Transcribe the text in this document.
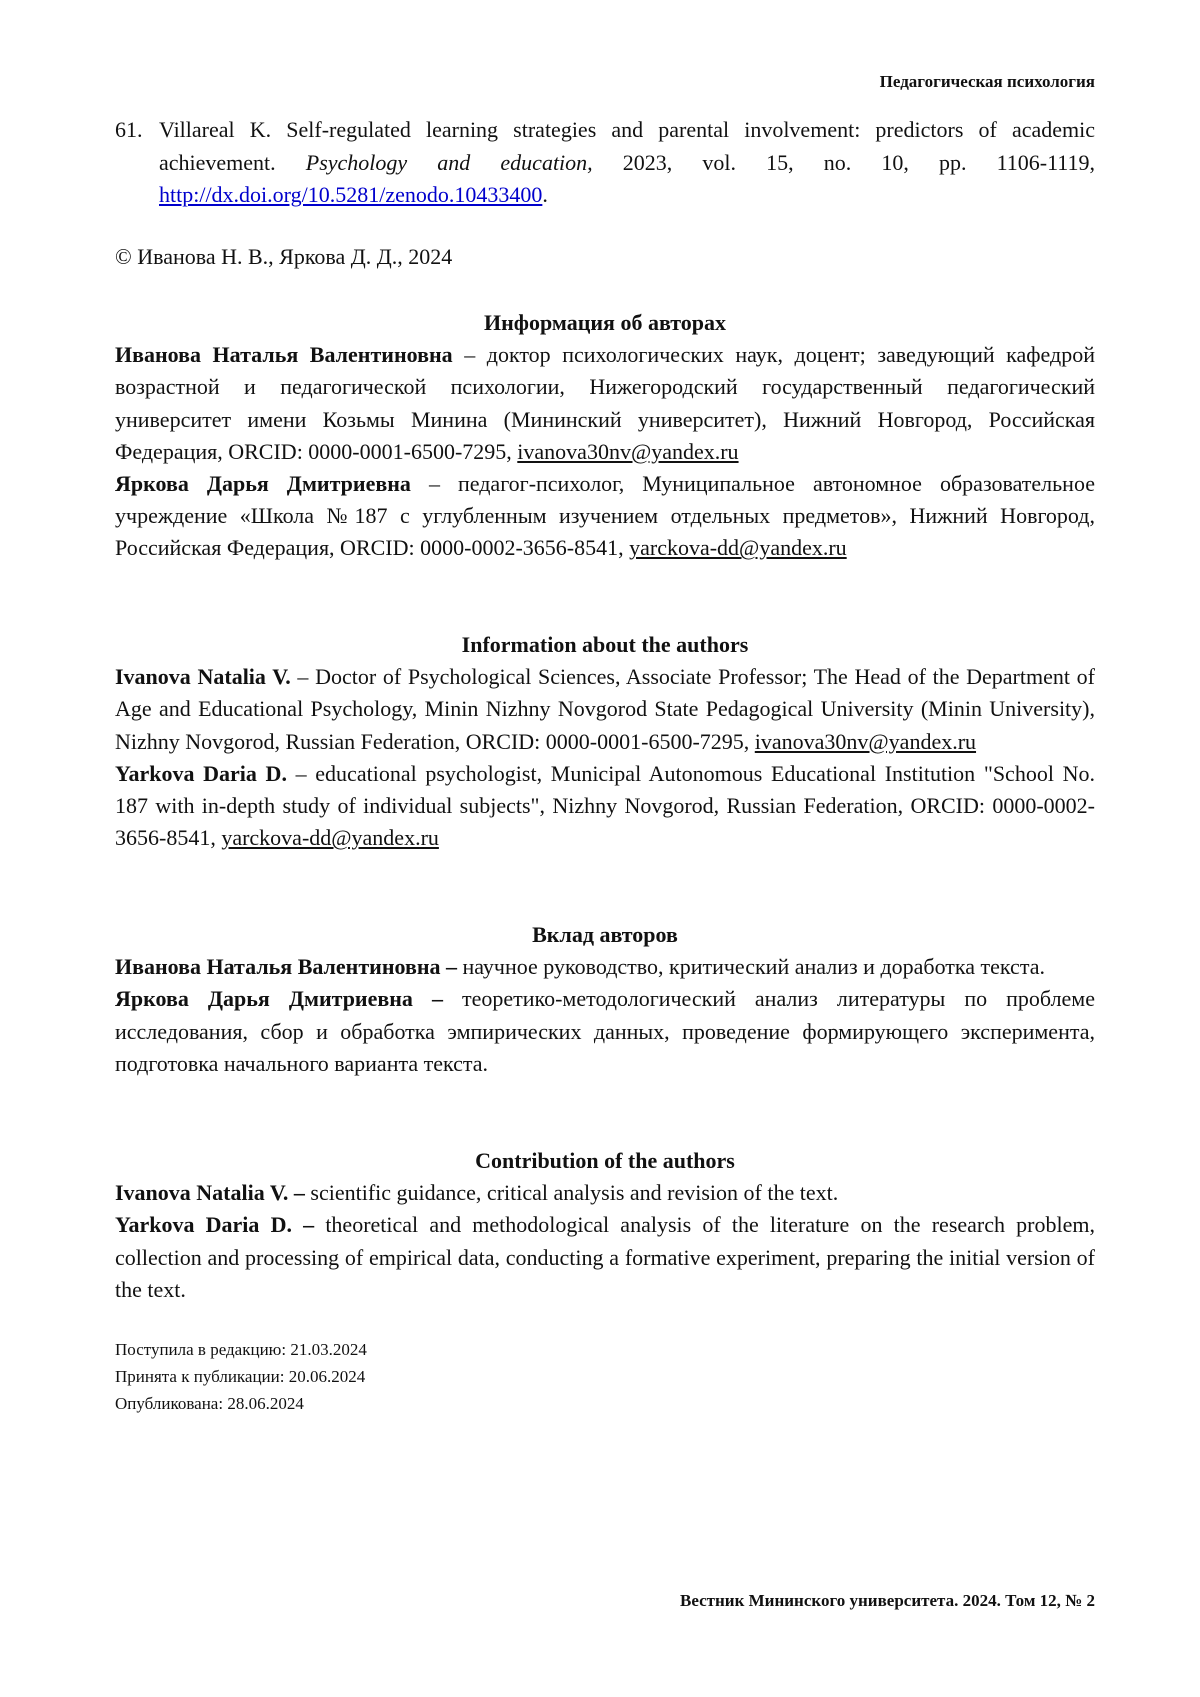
Педагогическая психология
61. Villareal K. Self-regulated learning strategies and parental involvement: predictors of academic achievement. Psychology and education, 2023, vol. 15, no. 10, pp. 1106-1119, http://dx.doi.org/10.5281/zenodo.10433400.
© Иванова Н. В., Яркова Д. Д., 2024
Информация об авторах

Иванова Наталья Валентиновна – доктор психологических наук, доцент; заведующий кафедрой возрастной и педагогической психологии, Нижегородский государственный педагогический университет имени Козьмы Минина (Мининский университет), Нижний Новгород, Российская Федерация, ORCID: 0000-0001-6500-7295, ivanova30nv@yandex.ru

Яркова Дарья Дмитриевна – педагог-психолог, Муниципальное автономное образовательное учреждение «Школа №187 с углубленным изучением отдельных предметов», Нижний Новгород, Российская Федерация, ORCID: 0000-0002-3656-8541, yarckova-dd@yandex.ru

Information about the authors

Ivanova Natalia V. – Doctor of Psychological Sciences, Associate Professor; The Head of the Department of Age and Educational Psychology, Minin Nizhny Novgorod State Pedagogical University (Minin University), Nizhny Novgorod, Russian Federation, ORCID: 0000-0001-6500-7295, ivanova30nv@yandex.ru

Yarkova Daria D. – educational psychologist, Municipal Autonomous Educational Institution "School No. 187 with in-depth study of individual subjects", Nizhny Novgorod, Russian Federation, ORCID: 0000-0002-3656-8541, yarckova-dd@yandex.ru

Вклад авторов

Иванова Наталья Валентиновна – научное руководство, критический анализ и доработка текста.

Яркова Дарья Дмитриевна – теоретико-методологический анализ литературы по проблеме исследования, сбор и обработка эмпирических данных, проведение формирующего эксперимента, подготовка начального варианта текста.

Contribution of the authors

Ivanova Natalia V. – scientific guidance, critical analysis and revision of the text.

Yarkova Daria D. – theoretical and methodological analysis of the literature on the research problem, collection and processing of empirical data, conducting a formative experiment, preparing the initial version of the text.

Поступила в редакцию: 21.03.2024
Принята к публикации: 20.06.2024
Опубликована: 28.06.2024
Вестник Мининского университета. 2024. Том 12, № 2
